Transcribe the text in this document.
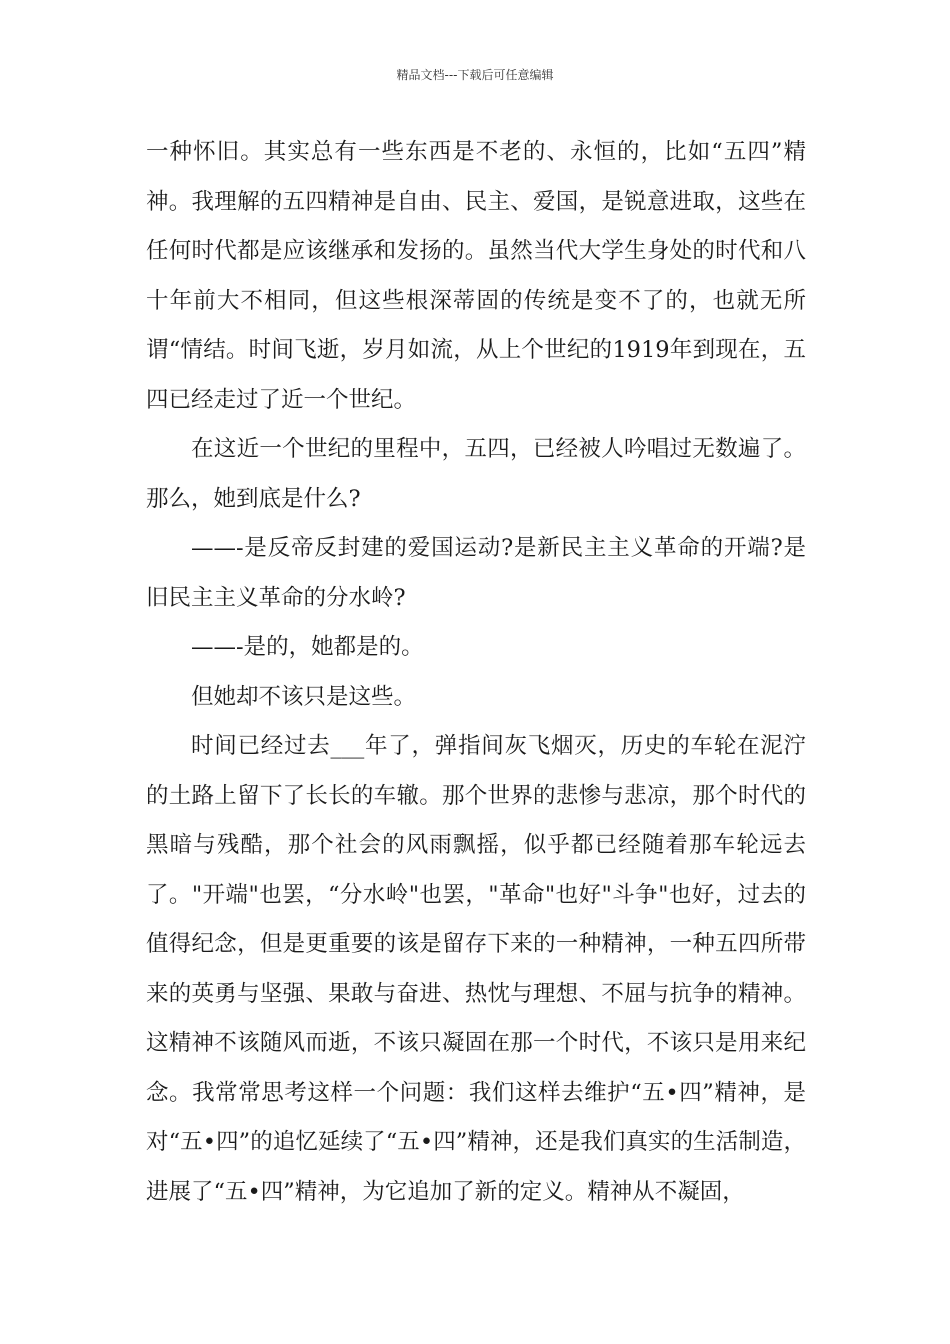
精品文档---下载后可任意编辑

一种怀旧。其实总有一些东西是不老的、永恒的，比如“五四”精神。我理解的五四精神是自由、民主、爱国，是锐意进取，这些在任何时代都是应该继承和发扬的。虽然当代大学生身处的时代和八十年前大不相同，但这些根深蒂固的传统是变不了的，也就无所谓“情结。时间飞逝，岁月如流，从上个世纪的1919年到现在，五四已经走过了近一个世纪。

在这近一个世纪的里程中，五四，已经被人吟唱过无数遍了。那么，她到底是什么?

——-是反帝反封建的爱国运动?是新民主主义革命的开端?是旧民主主义革命的分水岭?

——-是的，她都是的。

但她却不该只是这些。

时间已经过去___年了，弹指间灰飞烟灭，历史的车轮在泥泞的土路上留下了长长的车辙。那个世界的悲惨与悲凉，那个时代的黑暗与残酷，那个社会的风雨飘摇，似乎都已经随着那车轮远去了。"开端"也罢，“分水岭"也罢，"革命"也好"斗争"也好，过去的值得纪念，但是更重要的该是留存下来的一种精神，一种五四所带来的英勇与坚强、果敢与奋进、热忱与理想、不屈与抗争的精神。这精神不该随风而逝，不该只凝固在那一个时代，不该只是用来纪念。我常常思考这样一个问题：我们这样去维护“五•四”精神，是对“五•四”的追忆延续了“五•四”精神，还是我们真实的生活制造，进展了“五•四”精神，为它追加了新的定义。精神从不凝固，
